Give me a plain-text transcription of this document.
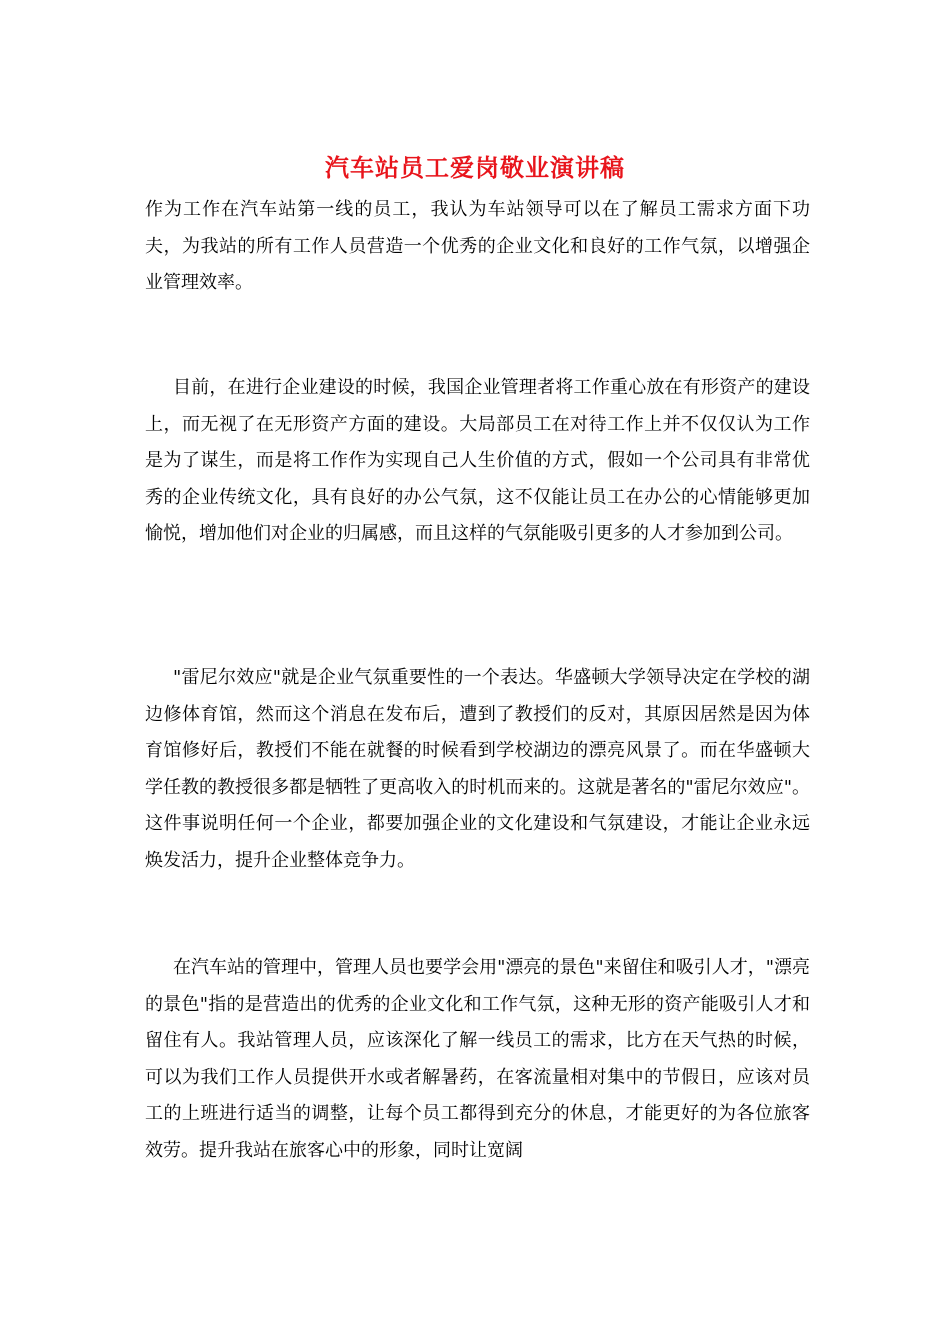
汽车站员工爱岗敬业演讲稿
作为工作在汽车站第一线的员工，我认为车站领导可以在了解员工需求方面下功夫，为我站的所有工作人员营造一个优秀的企业文化和良好的工作气氛，以增强企业管理效率。
目前，在进行企业建设的时候，我国企业管理者将工作重心放在有形资产的建设上，而无视了在无形资产方面的建设。大局部员工在对待工作上并不仅仅认为工作是为了谋生，而是将工作作为实现自己人生价值的方式，假如一个公司具有非常优秀的企业传统文化，具有良好的办公气氛，这不仅能让员工在办公的心情能够更加愉悦，增加他们对企业的归属感，而且这样的气氛能吸引更多的人才参加到公司。
"雷尼尔效应"就是企业气氛重要性的一个表达。华盛顿大学领导决定在学校的湖边修体育馆，然而这个消息在发布后，遭到了教授们的反对，其原因居然是因为体育馆修好后，教授们不能在就餐的时候看到学校湖边的漂亮风景了。而在华盛顿大学任教的教授很多都是牺牲了更高收入的时机而来的。这就是著名的"雷尼尔效应"。这件事说明任何一个企业，都要加强企业的文化建设和气氛建设，才能让企业永远焕发活力，提升企业整体竞争力。
在汽车站的管理中，管理人员也要学会用"漂亮的景色"来留住和吸引人才，"漂亮的景色"指的是营造出的优秀的企业文化和工作气氛，这种无形的资产能吸引人才和留住有人。我站管理人员，应该深化了解一线员工的需求，比方在天气热的时候，可以为我们工作人员提供开水或者解暑药，在客流量相对集中的节假日，应该对员工的上班进行适当的调整，让每个员工都得到充分的休息，才能更好的为各位旅客效劳。提升我站在旅客心中的形象，同时让宽阔
